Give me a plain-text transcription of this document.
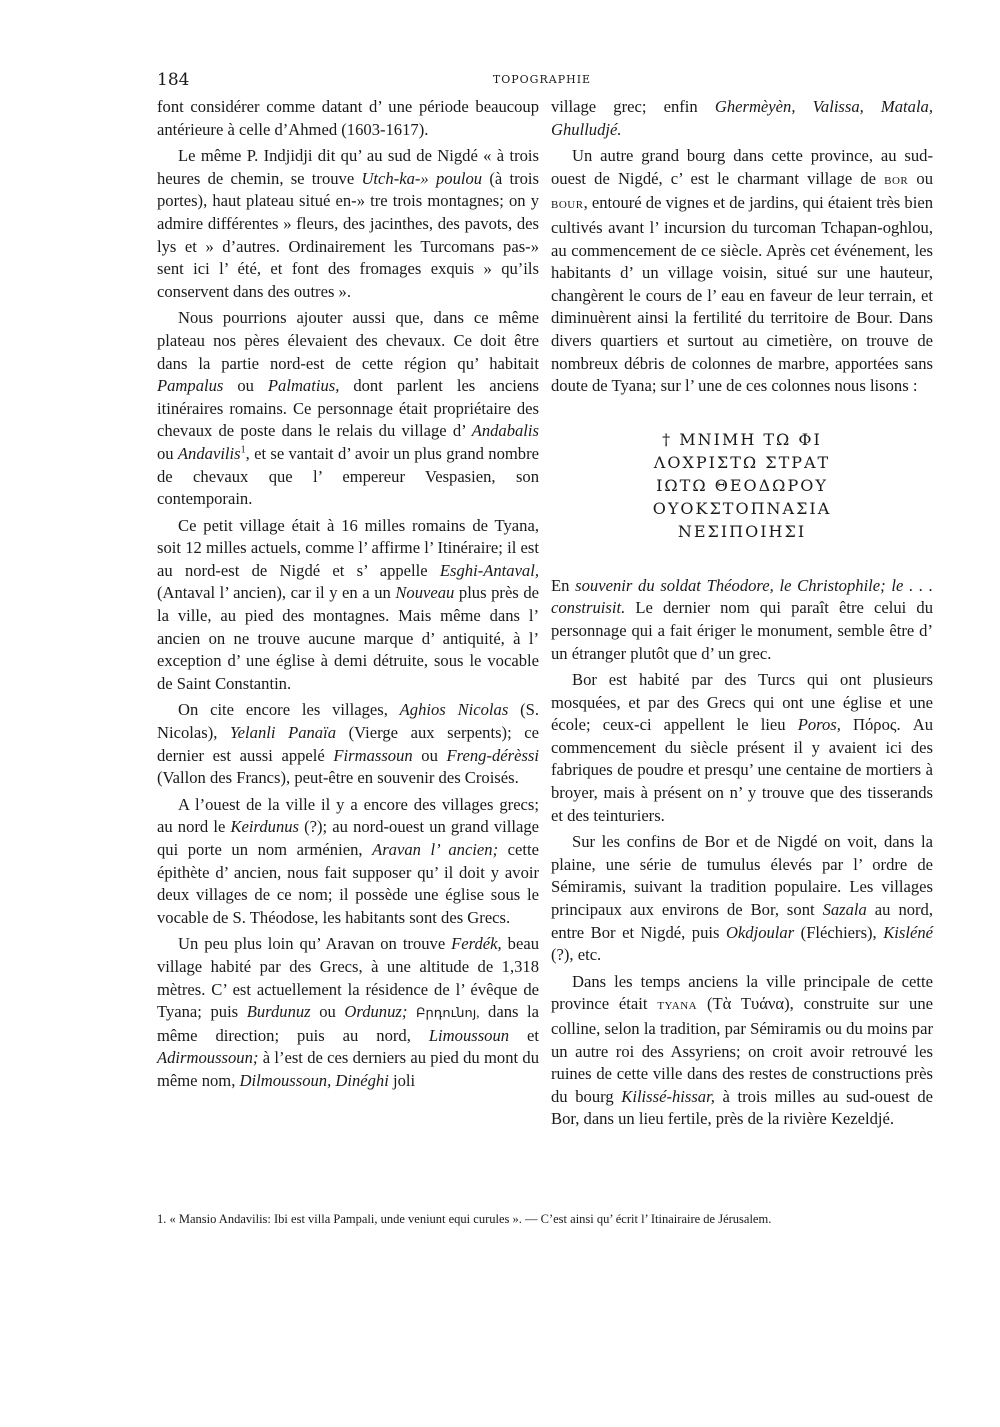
184	TOPOGRAPHIE

font considérer comme datant d’ une période beaucoup antérieure à celle d’Ahmed (1603-1617).

Le même P. Indjidji dit qu’ au sud de Nigdé « à trois heures de chemin, se trouve Utch-ka-» poulou (à trois portes), haut plateau situé en-» tre trois montagnes; on y admire différentes » fleurs, des jacinthes, des pavots, des lys et » d’autres. Ordinairement les Turcomans pas-» sent ici l’ été, et font des fromages exquis » qu’ils conservent dans des outres ».

Nous pourrions ajouter aussi que, dans ce même plateau nos pères élevaient des chevaux. Ce doit être dans la partie nord-est de cette région qu’ habitait Pampalus ou Palmatius, dont parlent les anciens itinéraires romains. Ce personnage était propriétaire des chevaux de poste dans le relais du village d’ Andabalis ou Andavilis$^1$, et se vantait d’ avoir un plus grand nombre de chevaux que l’ empereur Vespasien, son contemporain.

Ce petit village était à 16 milles romains de Tyana, soit 12 milles actuels, comme l’ affirme l’ Itinéraire; il est au nord-est de Nigdé et s’ appelle Esghi-Antaval, (Antaval l’ ancien), car il y en a un Nouveau plus près de la ville, au pied des montagnes. Mais même dans l’ ancien on ne trouve aucune marque d’ antiquité, à l’ exception d’ une église à demi détruite, sous le vocable de Saint Constantin.

On cite encore les villages, Aghios Nicolas (S. Nicolas), Yelanli Panaïa (Vierge aux serpents); ce dernier est aussi appelé Firmassoun ou Freng-dérèssi (Vallon des Francs), peut-être en souvenir des Croisés.

A l’ouest de la ville il y a encore des villages grecs; au nord le Keirdunus (?); au nord-ouest un grand village qui porte un nom arménien, Aravan l’ ancien; cette épithète d’ ancien, nous fait supposer qu’ il doit y avoir deux villages de ce nom; il possède une église sous le vocable de S. Théodose, les habitants sont des Grecs.

Un peu plus loin qu’ Aravan on trouve Ferdék, beau village habité par des Grecs, à une altitude de 1,318 mètres. C’ est actuellement la résidence de l’ évêque de Tyana; puis Burdunuz ou Ordunuz; Բրդունոյ, dans la même direction; puis au nord, Limoussoun et Adirmoussoun; à l’est de ces derniers au pied du mont du même nom, Dilmoussoun, Dinéghi joli

village grec; enfin Ghermèyèn, Valissa, Matala, Ghulludjé.

Un autre grand bourg dans cette province, au sud-ouest de Nigdé, c’ est le charmant village de BOR ou BOUR, entouré de vignes et de jardins, qui étaient très bien cultivés avant l’ incursion du turcoman Tchapan-oghlou, au commencement de ce siècle. Après cet événement, les habitants d’ un village voisin, situé sur une hauteur, changèrent le cours de l’ eau en faveur de leur terrain, et diminuèrent ainsi la fertilité du territoire de Bour. Dans divers quartiers et surtout au cimetière, on trouve de nombreux débris de colonnes de marbre, apportées sans doute de Tyana; sur l’ une de ces colonnes nous lisons :

† ΜΝΙΜΗ ΤΩ ΦΙ
ΛΟΧΡΙΣΤΩ ΣΤΡΑΤ
ΙΩΤΩ ΘΕΟΔΩΡΟΥ
ΟΥΟΚΣΤΟΠΝΑΣΙΑ
ΝΕΣΙΠΟΙΗΣΙ

En souvenir du soldat Théodore, le Christophile; le . . . construisit. Le dernier nom qui paraît être celui du personnage qui a fait ériger le monument, semble être d’ un étranger plutôt que d’ un grec.

Bor est habité par des Turcs qui ont plusieurs mosquées, et par des Grecs qui ont une église et une école; ceux-ci appellent le lieu Poros, Πόρος. Au commencement du siècle présent il y avaient ici des fabriques de poudre et presqu’ une centaine de mortiers à broyer, mais à présent on n’ y trouve que des tisserands et des teinturiers.

Sur les confins de Bor et de Nigdé on voit, dans la plaine, une série de tumulus élevés par l’ ordre de Sémiramis, suivant la tradition populaire. Les villages principaux aux environs de Bor, sont Sazala au nord, entre Bor et Nigdé, puis Okdjoular (Fléchiers), Kisléné (?), etc.

Dans les temps anciens la ville principale de cette province était TYANA (Τὰ Τυάνα), construite sur une colline, selon la tradition, par Sémiramis ou du moins par un autre roi des Assyriens; on croit avoir retrouvé les ruines de cette ville dans des restes de constructions près du bourg Kilissé-hissar, à trois milles au sud-ouest de Bor, dans un lieu fertile, près de la rivière Kezeldjé.

1. « Mansio Andavilis: Ibi est villa Pampali, unde veniunt equi curules ». — C’est ainsi qu’ écrit l’ Itinairaire de Jérusalem.
